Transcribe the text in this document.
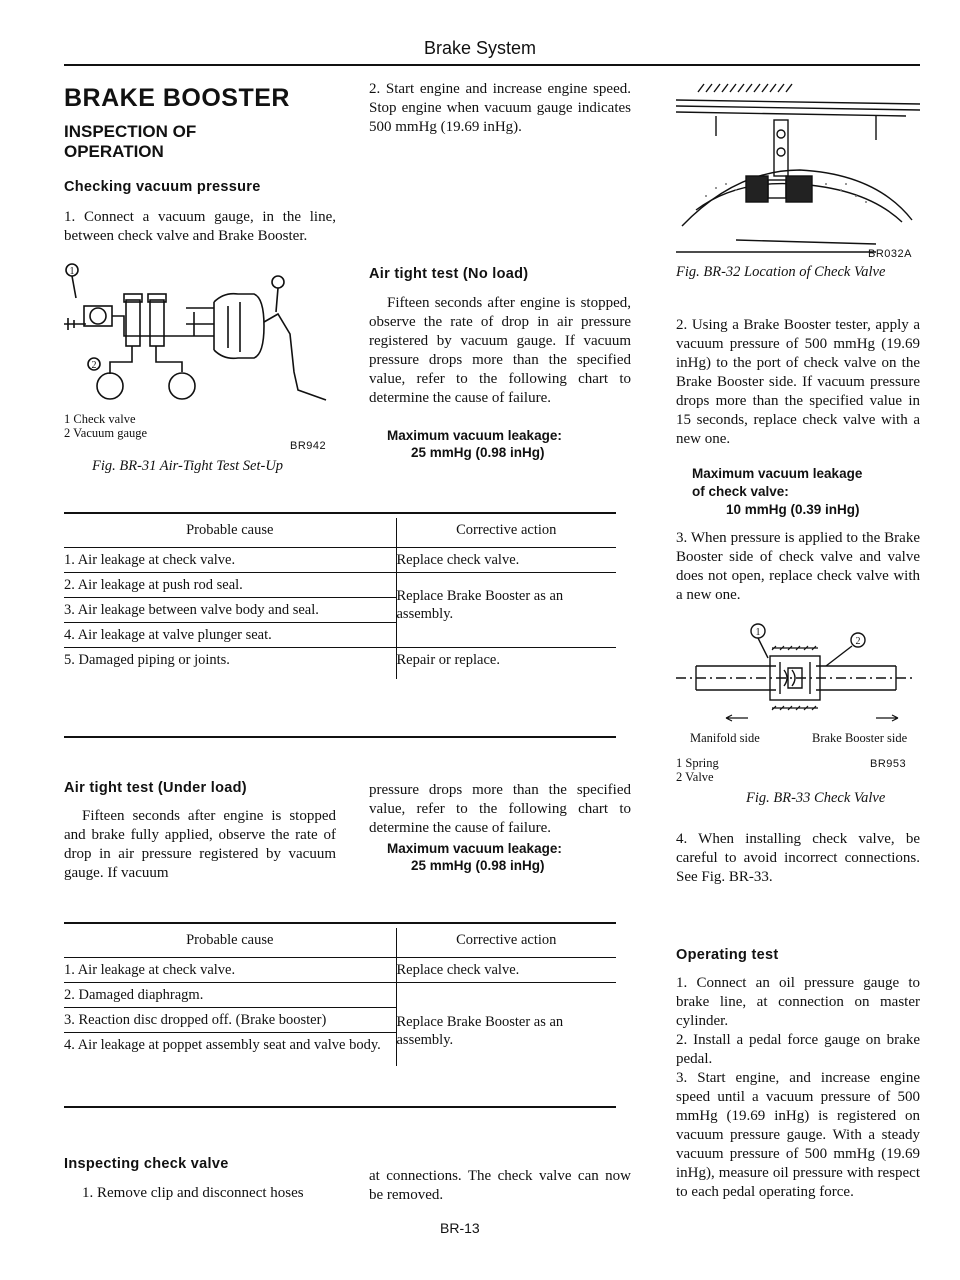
Brake System
BRAKE BOOSTER
INSPECTION OF OPERATION
Checking vacuum pressure
1. Connect a vacuum gauge, in the line, between check valve and Brake Booster.
1
2
1 Check valve
2 Vacuum gauge
BR942
Fig. BR-31 Air-Tight Test Set-Up
2. Start engine and increase engine speed. Stop engine when vacuum gauge indicates 500 mmHg (19.69 inHg).
Air tight test (No load)
Fifteen seconds after engine is stopped, observe the rate of drop in air pressure registered by vacuum gauge. If vacuum pressure drops more than the specified value, refer to the following chart to determine the cause of failure.
Maximum vacuum leakage:
25 mmHg (0.98 inHg)
Probable cause	Corrective action

1. Air leakage at check valve.	Replace check valve.

2. Air leakage at push rod seal.	Replace Brake Booster as an assembly.

3. Air leakage between valve body and seal.	

4. Air leakage at valve plunger seat.	

5. Damaged piping or joints.	Repair or replace.
Air tight test (Under load)
Fifteen seconds after engine is stopped and brake fully applied, observe the rate of drop in air pressure registered by vacuum gauge. If vacuum
pressure drops more than the specified value, refer to the following chart to determine the cause of failure.
Maximum vacuum leakage:
25 mmHg (0.98 inHg)
Probable cause	Corrective action

1. Air leakage at check valve.	Replace check valve.

2. Damaged diaphragm.	Replace Brake Booster as an assembly.

3. Reaction disc dropped off. (Brake booster)	

4. Air leakage at poppet assembly seat and valve body.	
Inspecting check valve
1. Remove clip and disconnect hoses
at connections. The check valve can now be removed.
BR-13
BR032A
Fig. BR-32 Location of Check Valve
2. Using a Brake Booster tester, apply a vacuum pressure of 500 mmHg (19.69 inHg) to the port of check valve on the Brake Booster side. If vacuum pressure drops more than the specified value in 15 seconds, replace check valve with a new one.
Maximum vacuum leakage
of check valve:
10 mmHg (0.39 inHg)
3. When pressure is applied to the Brake Booster side of check valve and valve does not open, replace check valve with a new one.
1
2
Manifold side	Brake Booster side
1 Spring
2 Valve
BR953
Fig. BR-33 Check Valve
4. When installing check valve, be careful to avoid incorrect connections. See Fig. BR-33.
Operating test
1. Connect an oil pressure gauge to brake line, at connection on master cylinder.
2. Install a pedal force gauge on brake pedal.
3. Start engine, and increase engine speed until a vacuum pressure of 500 mmHg (19.69 inHg) is registered on vacuum pressure gauge. With a steady vacuum pressure of 500 mmHg (19.69 inHg), measure oil pressure with respect to each pedal operating force.
